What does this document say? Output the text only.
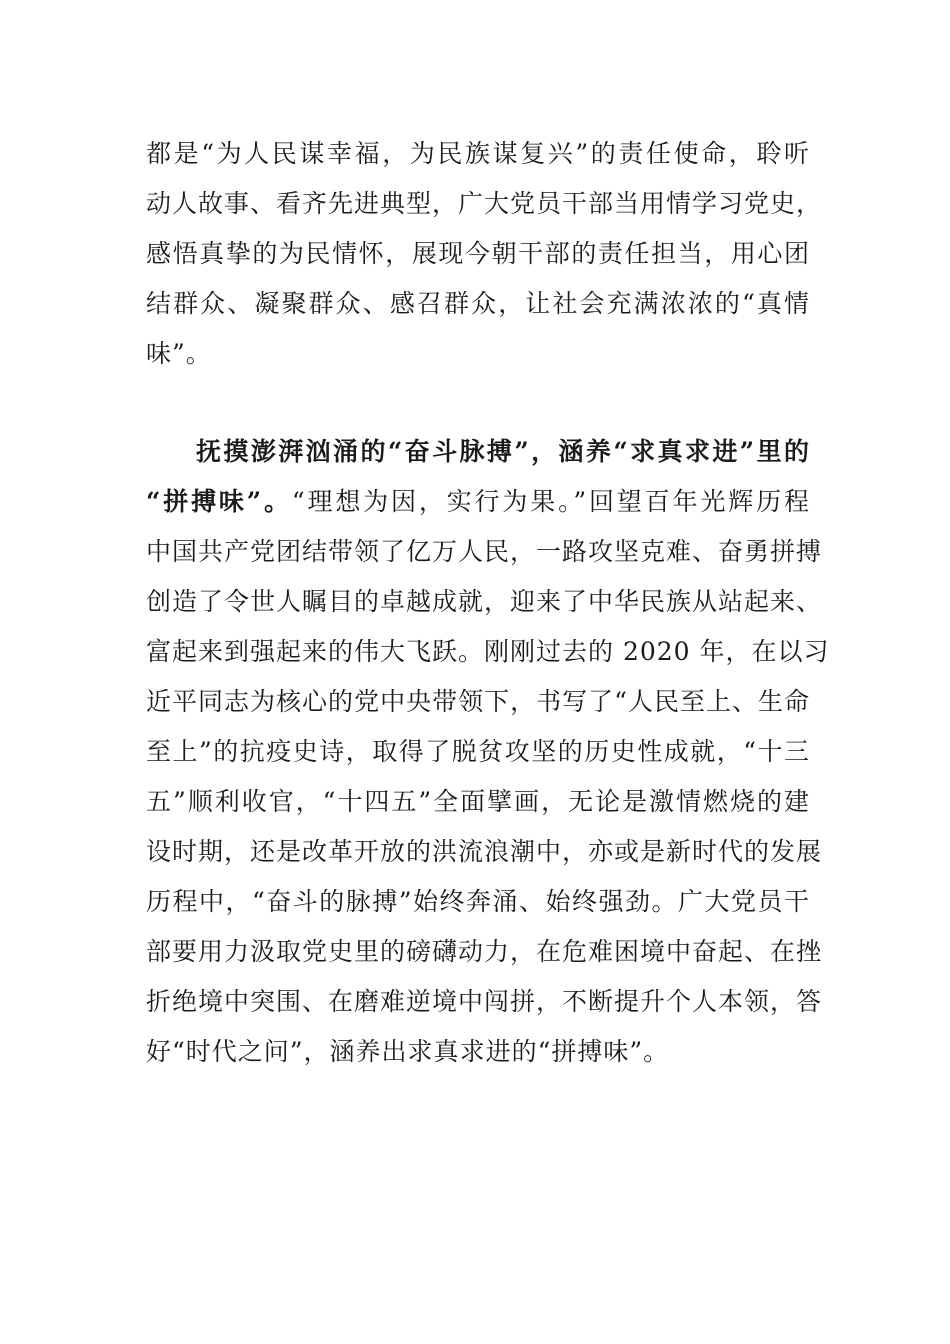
都是“为人民谋幸福，为民族谋复兴”的责任使命，聆听
动人故事、看齐先进典型，广大党员干部当用情学习党史，
感悟真挚的为民情怀，展现今朝干部的责任担当，用心团
结群众、凝聚群众、感召群众，让社会充满浓浓的“真情
味”。
抚摸澎湃汹涌的“奋斗脉搏”，涵养“求真求进”里的
“拼搏味”。“理想为因，实行为果。”回望百年光辉历程
中国共产党团结带领了亿万人民，一路攻坚克难、奋勇拼搏
创造了令世人瞩目的卓越成就，迎来了中华民族从站起来、
富起来到强起来的伟大飞跃。刚刚过去的 2020 年，在以习
近平同志为核心的党中央带领下，书写了“人民至上、生命
至上”的抗疫史诗，取得了脱贫攻坚的历史性成就，“十三
五”顺利收官，“十四五”全面擘画，无论是激情燃烧的建
设时期，还是改革开放的洪流浪潮中，亦或是新时代的发展
历程中，“奋斗的脉搏”始终奔涌、始终强劲。广大党员干
部要用力汲取党史里的磅礴动力，在危难困境中奋起、在挫
折绝境中突围、在磨难逆境中闯拼，不断提升个人本领，答
好“时代之问”，涵养出求真求进的“拼搏味”。
